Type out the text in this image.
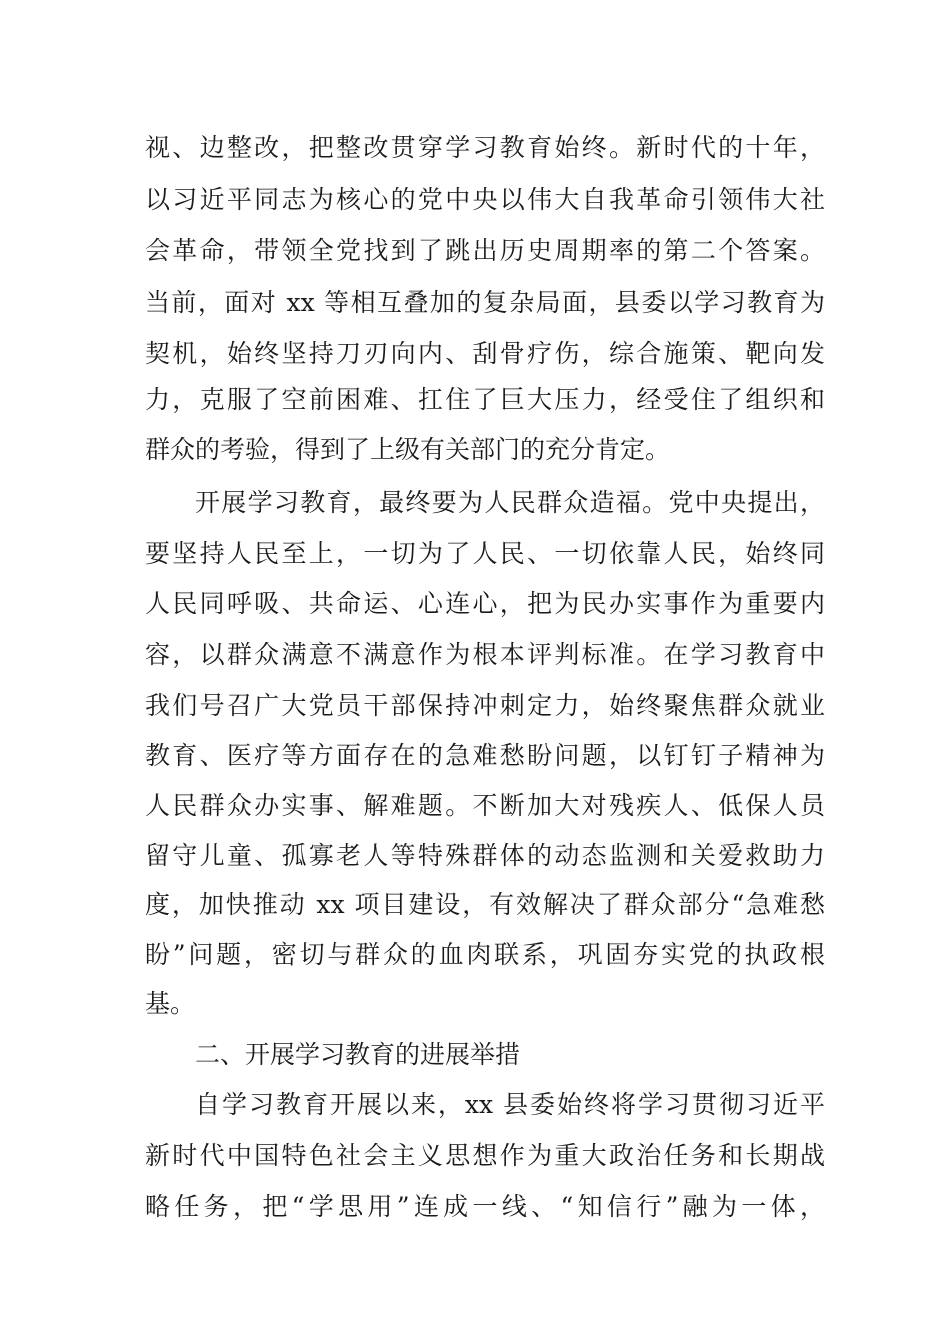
视、边整改，把整改贯穿学习教育始终。新时代的十年，
以习近平同志为核心的党中央以伟大自我革命引领伟大社
会革命，带领全党找到了跳出历史周期率的第二个答案。
当前，面对 xx 等相互叠加的复杂局面，县委以学习教育为
契机，始终坚持刀刃向内、刮骨疗伤，综合施策、靶向发
力，克服了空前困难、扛住了巨大压力，经受住了组织和
群众的考验，得到了上级有关部门的充分肯定。
开展学习教育，最终要为人民群众造福。党中央提出，
要坚持人民至上，一切为了人民、一切依靠人民，始终同
人民同呼吸、共命运、心连心，把为民办实事作为重要内
容，以群众满意不满意作为根本评判标准。在学习教育中
我们号召广大党员干部保持冲刺定力，始终聚焦群众就业
教育、医疗等方面存在的急难愁盼问题，以钉钉子精神为
人民群众办实事、解难题。不断加大对残疾人、低保人员
留守儿童、孤寡老人等特殊群体的动态监测和关爱救助力
度，加快推动 xx 项目建设，有效解决了群众部分“急难愁
盼”问题，密切与群众的血肉联系，巩固夯实党的执政根
基。
二、开展学习教育的进展举措
自学习教育开展以来，xx 县委始终将学习贯彻习近平
新时代中国特色社会主义思想作为重大政治任务和长期战
略任务，把“学思用”连成一线、“知信行”融为一体，
